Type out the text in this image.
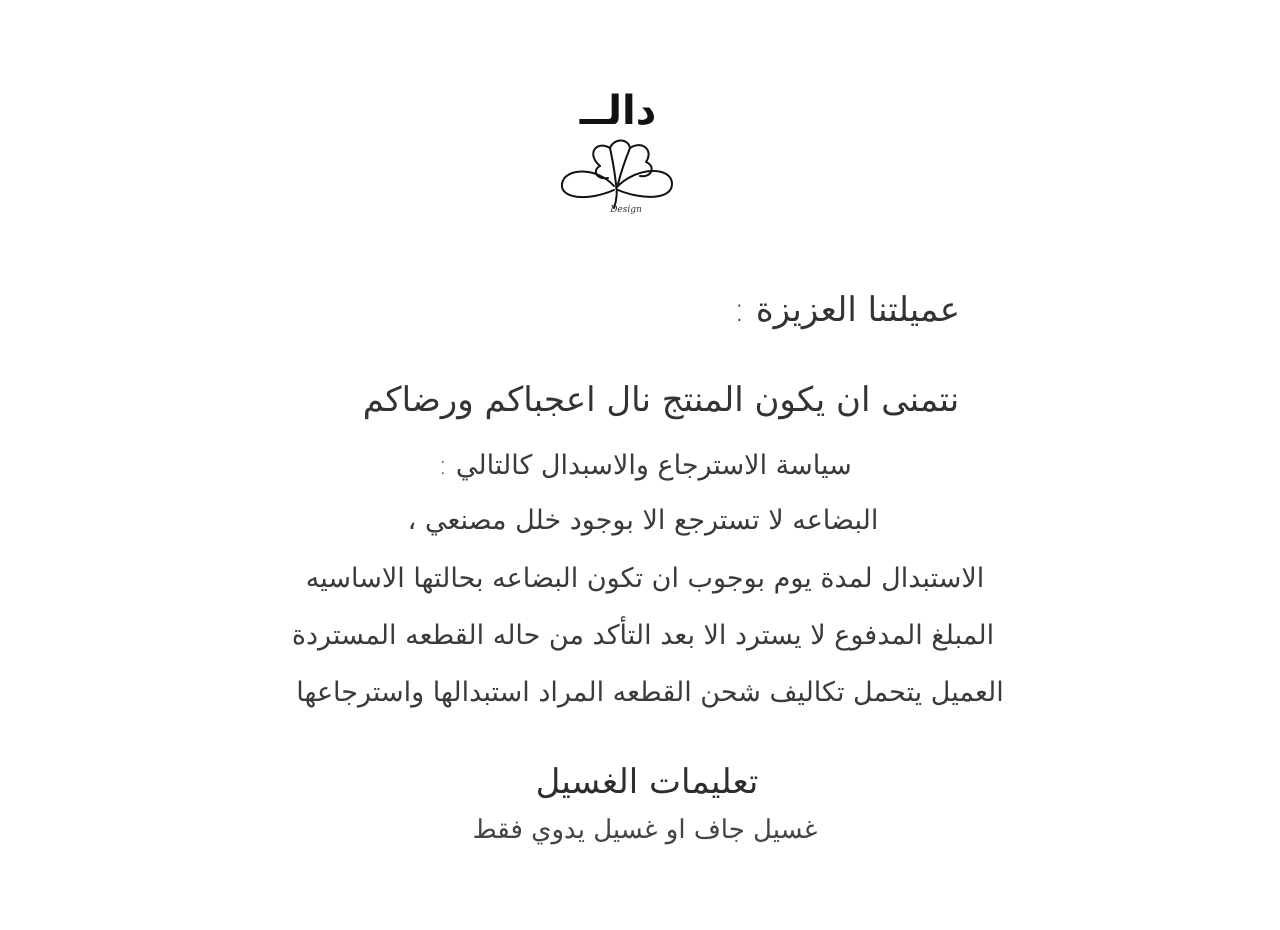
دالــ
Design
عميلتنا العزيزة :
نتمنى ان يكون المنتج نال اعجباكم ورضاكم
سياسة الاسترجاع والاسبدال كالتالي :
البضاعه لا تسترجع الا بوجود خلل مصنعي ،
الاستبدال لمدة يوم بوجوب ان تكون البضاعه بحالتها الاساسيه
المبلغ المدفوع لا يسترد الا بعد التأكد من حاله القطعه المستردة
العميل يتحمل تكاليف شحن القطعه المراد استبدالها واسترجاعها
تعليمات الغسيل
غسيل جاف او غسيل يدوي فقط
